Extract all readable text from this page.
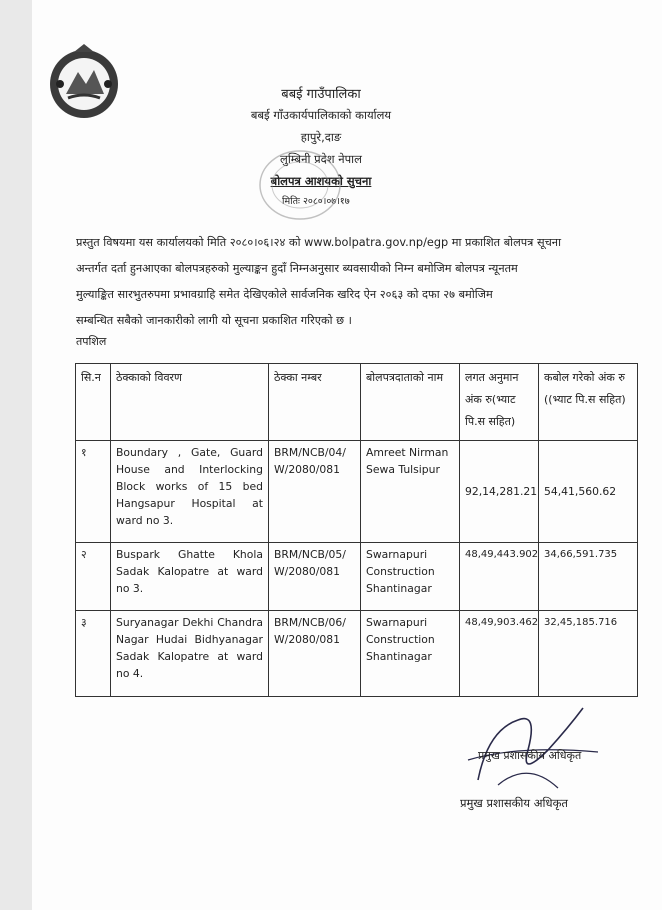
बबई गाउँपालिका
बबई गाँउकार्यपालिकाको कार्यालय
हापुरे,दाङ
लुम्बिनी प्रदेश नेपाल
बोलपत्र आशयको सुचना
मितिः २०८०।०७।१७
प्रस्तुत विषयमा यस कार्यालयको मिति २०८०।०६।२४ को www.bolpatra.gov.np/egp मा प्रकाशित बोलपत्र सूचना
अन्तर्गत दर्ता हुनआएका बोलपत्रहरुको मुल्याङ्कन हुदाँ निम्नअनुसार ब्यवसायीको निम्न बमोजिम बोलपत्र न्यूनतम
मुल्याङ्कित सारभुतरुपमा प्रभावग्राहि समेत देखिएकोले सार्वजनिक खरिद ऐन २०६३ को दफा २७ बमोजिम
सम्बन्धित सबैको जानकारीको लागी यो सूचना प्रकाशित गरिएको छ ।
तपशिल
सि.न	ठेक्काको विवरण	ठेक्का नम्बर	बोलपत्रदाताको नाम	लगत अनुमान अंक रु(भ्याट पि.स सहित)	कबोल गरेको अंक रु ((भ्याट पि.स सहित)
१	Boundary , Gate, Guard House and Interlocking Block works of 15 bed Hangsapur Hospital at ward no 3.	BRM/NCB/04/W/2080/081	Amreet Nirman Sewa Tulsipur	92,14,281.21	54,41,560.62
२	Buspark Ghatte Khola Sadak Kalopatre at ward no 3.	BRM/NCB/05/W/2080/081	Swarnapuri Construction Shantinagar	48,49,443.902	34,66,591.735
३	Suryanagar Dekhi Chandra Nagar Hudai Bidhyanagar Sadak Kalopatre at ward no 4.	BRM/NCB/06/W/2080/081	Swarnapuri Construction Shantinagar	48,49,903.462	32,45,185.716
प्रमुख प्रशासकीय अधिकृत
प्रमुख प्रशासकीय अधिकृत
